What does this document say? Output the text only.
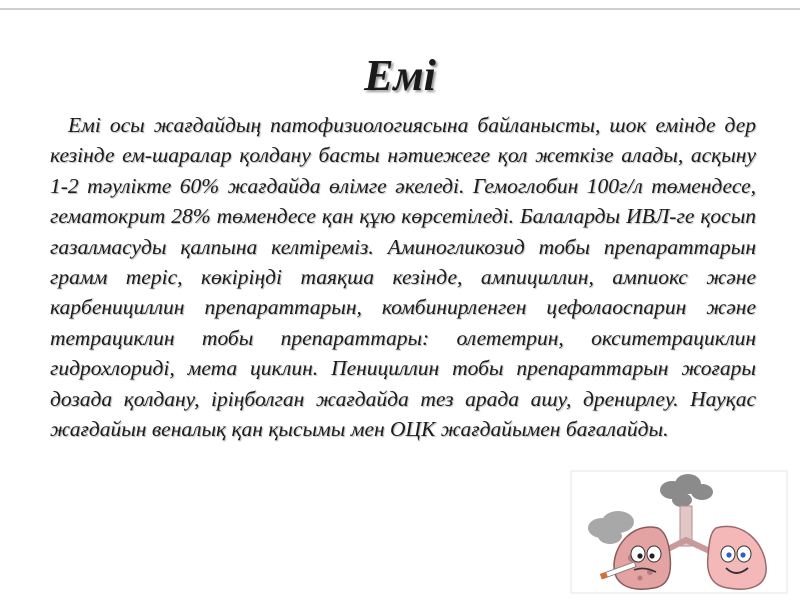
Емі

Емі осы жағдайдың патофизиологиясына байланысты, шок емінде дер кезінде ем-шаралар қолдану басты нәтиежеге қол жеткізе алады, асқыну 1-2 тәулікте 60% жағдайда өлімге әкеледі. Гемоглобин 100г/л төмендесе, гематокрит 28% төмендесе қан құю көрсетіледі. Балаларды ИВЛ-ге қосып газалмасуды қалпына келтіреміз. Аминогликозид тобы препараттарын грамм теріс, көкіріңді таяқша кезінде, ампициллин, ампиокс және карбенициллин препараттарын, комбинирленген цефолаоспарин және тетрациклин тобы препараттары: олететрин, окситетрациклин гидрохлориді, мета циклин. Пенициллин тобы препараттарын жоғары дозада қолдану, іріңболган жағдайда тез арада ашу, дренирлеу. Науқас жағдайын веналық қан қысымы мен ОЦК жағдайымен бағалайды.
